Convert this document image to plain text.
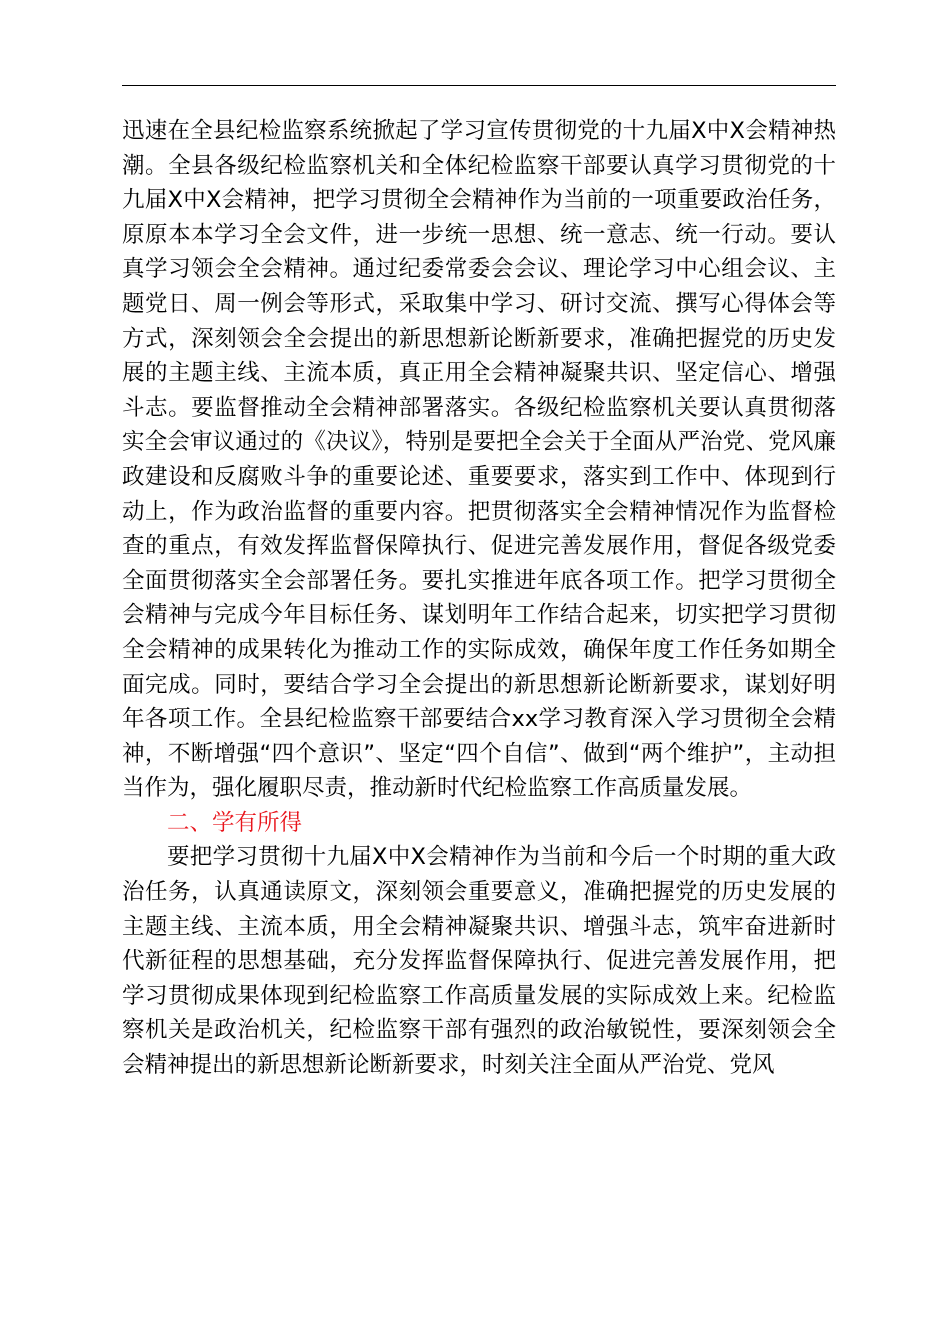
迅速在全县纪检监察系统掀起了学习宣传贯彻党的十九届X中X会精神热潮。全县各级纪检监察机关和全体纪检监察干部要认真学习贯彻党的十九届X中X会精神，把学习贯彻全会精神作为当前的一项重要政治任务，原原本本学习全会文件，进一步统一思想、统一意志、统一行动。要认真学习领会全会精神。通过纪委常委会会议、理论学习中心组会议、主题党日、周一例会等形式，采取集中学习、研讨交流、撰写心得体会等方式，深刻领会全会提出的新思想新论断新要求，准确把握党的历史发展的主题主线、主流本质，真正用全会精神凝聚共识、坚定信心、增强斗志。要监督推动全会精神部署落实。各级纪检监察机关要认真贯彻落实全会审议通过的《决议》，特别是要把全会关于全面从严治党、党风廉政建设和反腐败斗争的重要论述、重要要求，落实到工作中、体现到行动上，作为政治监督的重要内容。把贯彻落实全会精神情况作为监督检查的重点，有效发挥监督保障执行、促进完善发展作用，督促各级党委全面贯彻落实全会部署任务。要扎实推进年底各项工作。把学习贯彻全会精神与完成今年目标任务、谋划明年工作结合起来，切实把学习贯彻全会精神的成果转化为推动工作的实际成效，确保年度工作任务如期全面完成。同时，要结合学习全会提出的新思想新论断新要求，谋划好明年各项工作。全县纪检监察干部要结合xx学习教育深入学习贯彻全会精神，不断增强“四个意识”、坚定“四个自信”、做到“两个维护”，主动担当作为，强化履职尽责，推动新时代纪检监察工作高质量发展。

二、学有所得

要把学习贯彻十九届X中X会精神作为当前和今后一个时期的重大政治任务，认真通读原文，深刻领会重要意义，准确把握党的历史发展的主题主线、主流本质，用全会精神凝聚共识、增强斗志，筑牢奋进新时代新征程的思想基础，充分发挥监督保障执行、促进完善发展作用，把学习贯彻成果体现到纪检监察工作高质量发展的实际成效上来。纪检监察机关是政治机关，纪检监察干部有强烈的政治敏锐性，要深刻领会全会精神提出的新思想新论断新要求，时刻关注全面从严治党、党风
